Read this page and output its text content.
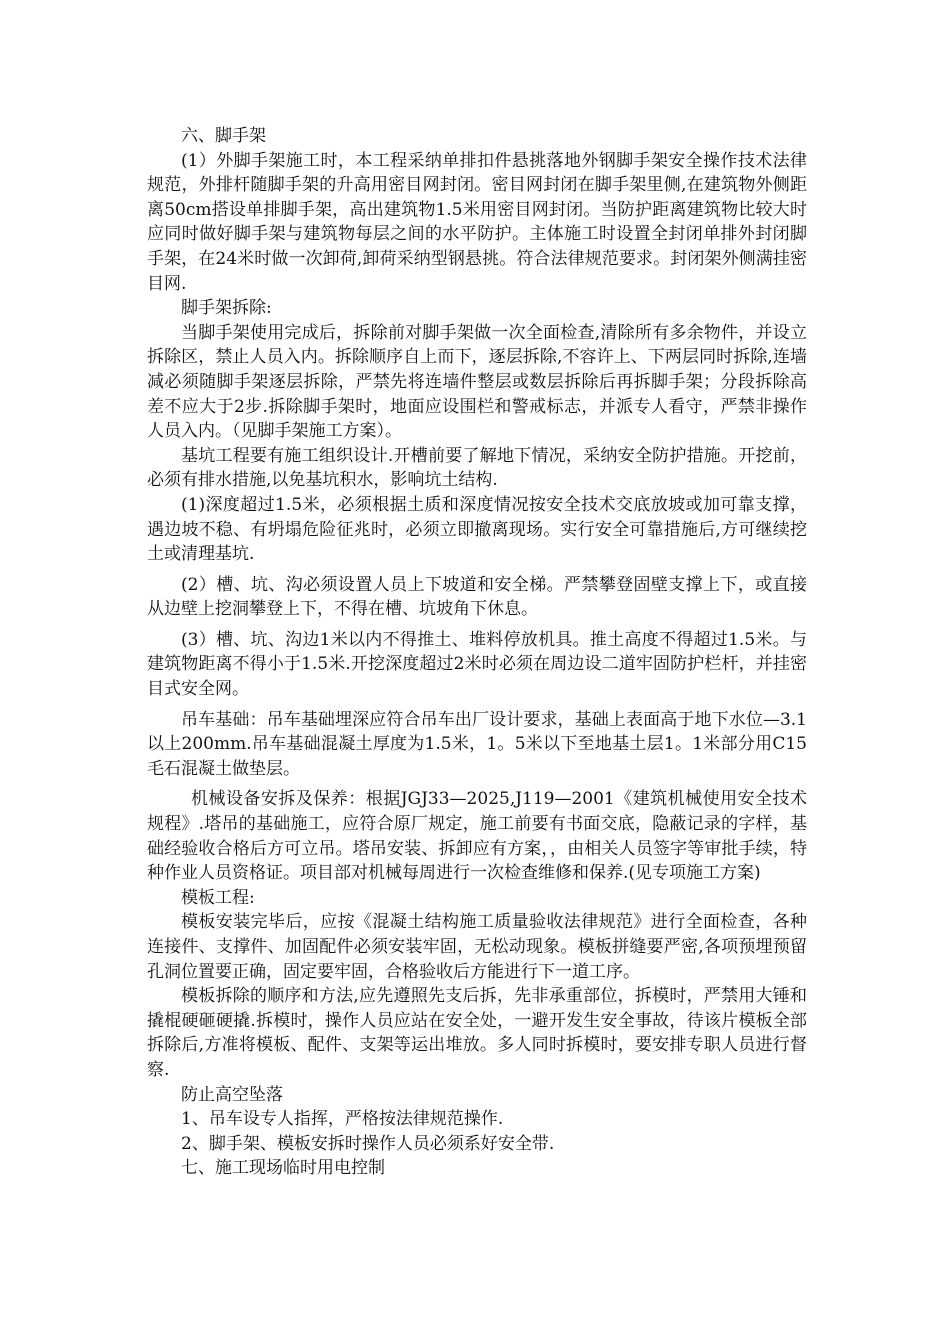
六、脚手架

(1）外脚手架施工时，本工程采纳单排扣件悬挑落地外钢脚手架安全操作技术法律规范，外排杆随脚手架的升高用密目网封闭。密目网封闭在脚手架里侧,在建筑物外侧距离50cm搭设单排脚手架，高出建筑物1.5米用密目网封闭。当防护距离建筑物比较大时应同时做好脚手架与建筑物每层之间的水平防护。主体施工时设置全封闭单排外封闭脚手架，在24米时做一次卸荷,卸荷采纳型钢悬挑。符合法律规范要求。封闭架外侧满挂密目网.

脚手架拆除:

当脚手架使用完成后，拆除前对脚手架做一次全面检查,清除所有多余物件，并设立拆除区，禁止人员入内。拆除顺序自上而下，逐层拆除,不容许上、下两层同时拆除,连墙减必须随脚手架逐层拆除，严禁先将连墙件整层或数层拆除后再拆脚手架；分段拆除高差不应大于2步.拆除脚手架时，地面应设围栏和警戒标志，并派专人看守，严禁非操作人员入内。（见脚手架施工方案）。

基坑工程要有施工组织设计.开槽前要了解地下情况，采纳安全防护措施。开挖前，必须有排水措施,以免基坑积水，影响坑土结构.

(1)深度超过1.5米，必须根据土质和深度情况按安全技术交底放坡或加可靠支撑，遇边坡不稳、有坍塌危险征兆时，必须立即撤离现场。实行安全可靠措施后,方可继续挖土或清理基坑.

(2）槽、坑、沟必须设置人员上下坡道和安全梯。严禁攀登固壁支撑上下，或直接从边壁上挖洞攀登上下，不得在槽、坑坡角下休息。

(3）槽、坑、沟边1米以内不得推土、堆料停放机具。推土高度不得超过1.5米。与建筑物距离不得小于1.5米.开挖深度超过2米时必须在周边设二道牢固防护栏杆，并挂密目式安全网。

吊车基础：吊车基础埋深应符合吊车出厂设计要求，基础上表面高于地下水位—3.1以上200mm.吊车基础混凝土厚度为1.5米，1。5米以下至地基土层1。1米部分用C15毛石混凝土做垫层。

机械设备安拆及保养：根据JGJ33—2025,J119—2001《建筑机械使用安全技术规程》.塔吊的基础施工，应符合原厂规定，施工前要有书面交底，隐蔽记录的字样，基础经验收合格后方可立吊。塔吊安装、拆卸应有方案，，由相关人员签字等审批手续，特种作业人员资格证。项目部对机械每周进行一次检查维修和保养.(见专项施工方案)

模板工程:

模板安装完毕后，应按《混凝土结构施工质量验收法律规范》进行全面检查，各种连接件、支撑件、加固配件必须安装牢固，无松动现象。模板拼缝要严密,各项预埋预留孔洞位置要正确，固定要牢固，合格验收后方能进行下一道工序。

模板拆除的顺序和方法,应先遵照先支后拆，先非承重部位，拆模时，严禁用大锤和撬棍硬砸硬撬.拆模时，操作人员应站在安全处，一避开发生安全事故，待该片模板全部拆除后,方准将模板、配件、支架等运出堆放。多人同时拆模时，要安排专职人员进行督察.

防止高空坠落

1、吊车设专人指挥，严格按法律规范操作.

2、脚手架、模板安拆时操作人员必须系好安全带.

七、施工现场临时用电控制
